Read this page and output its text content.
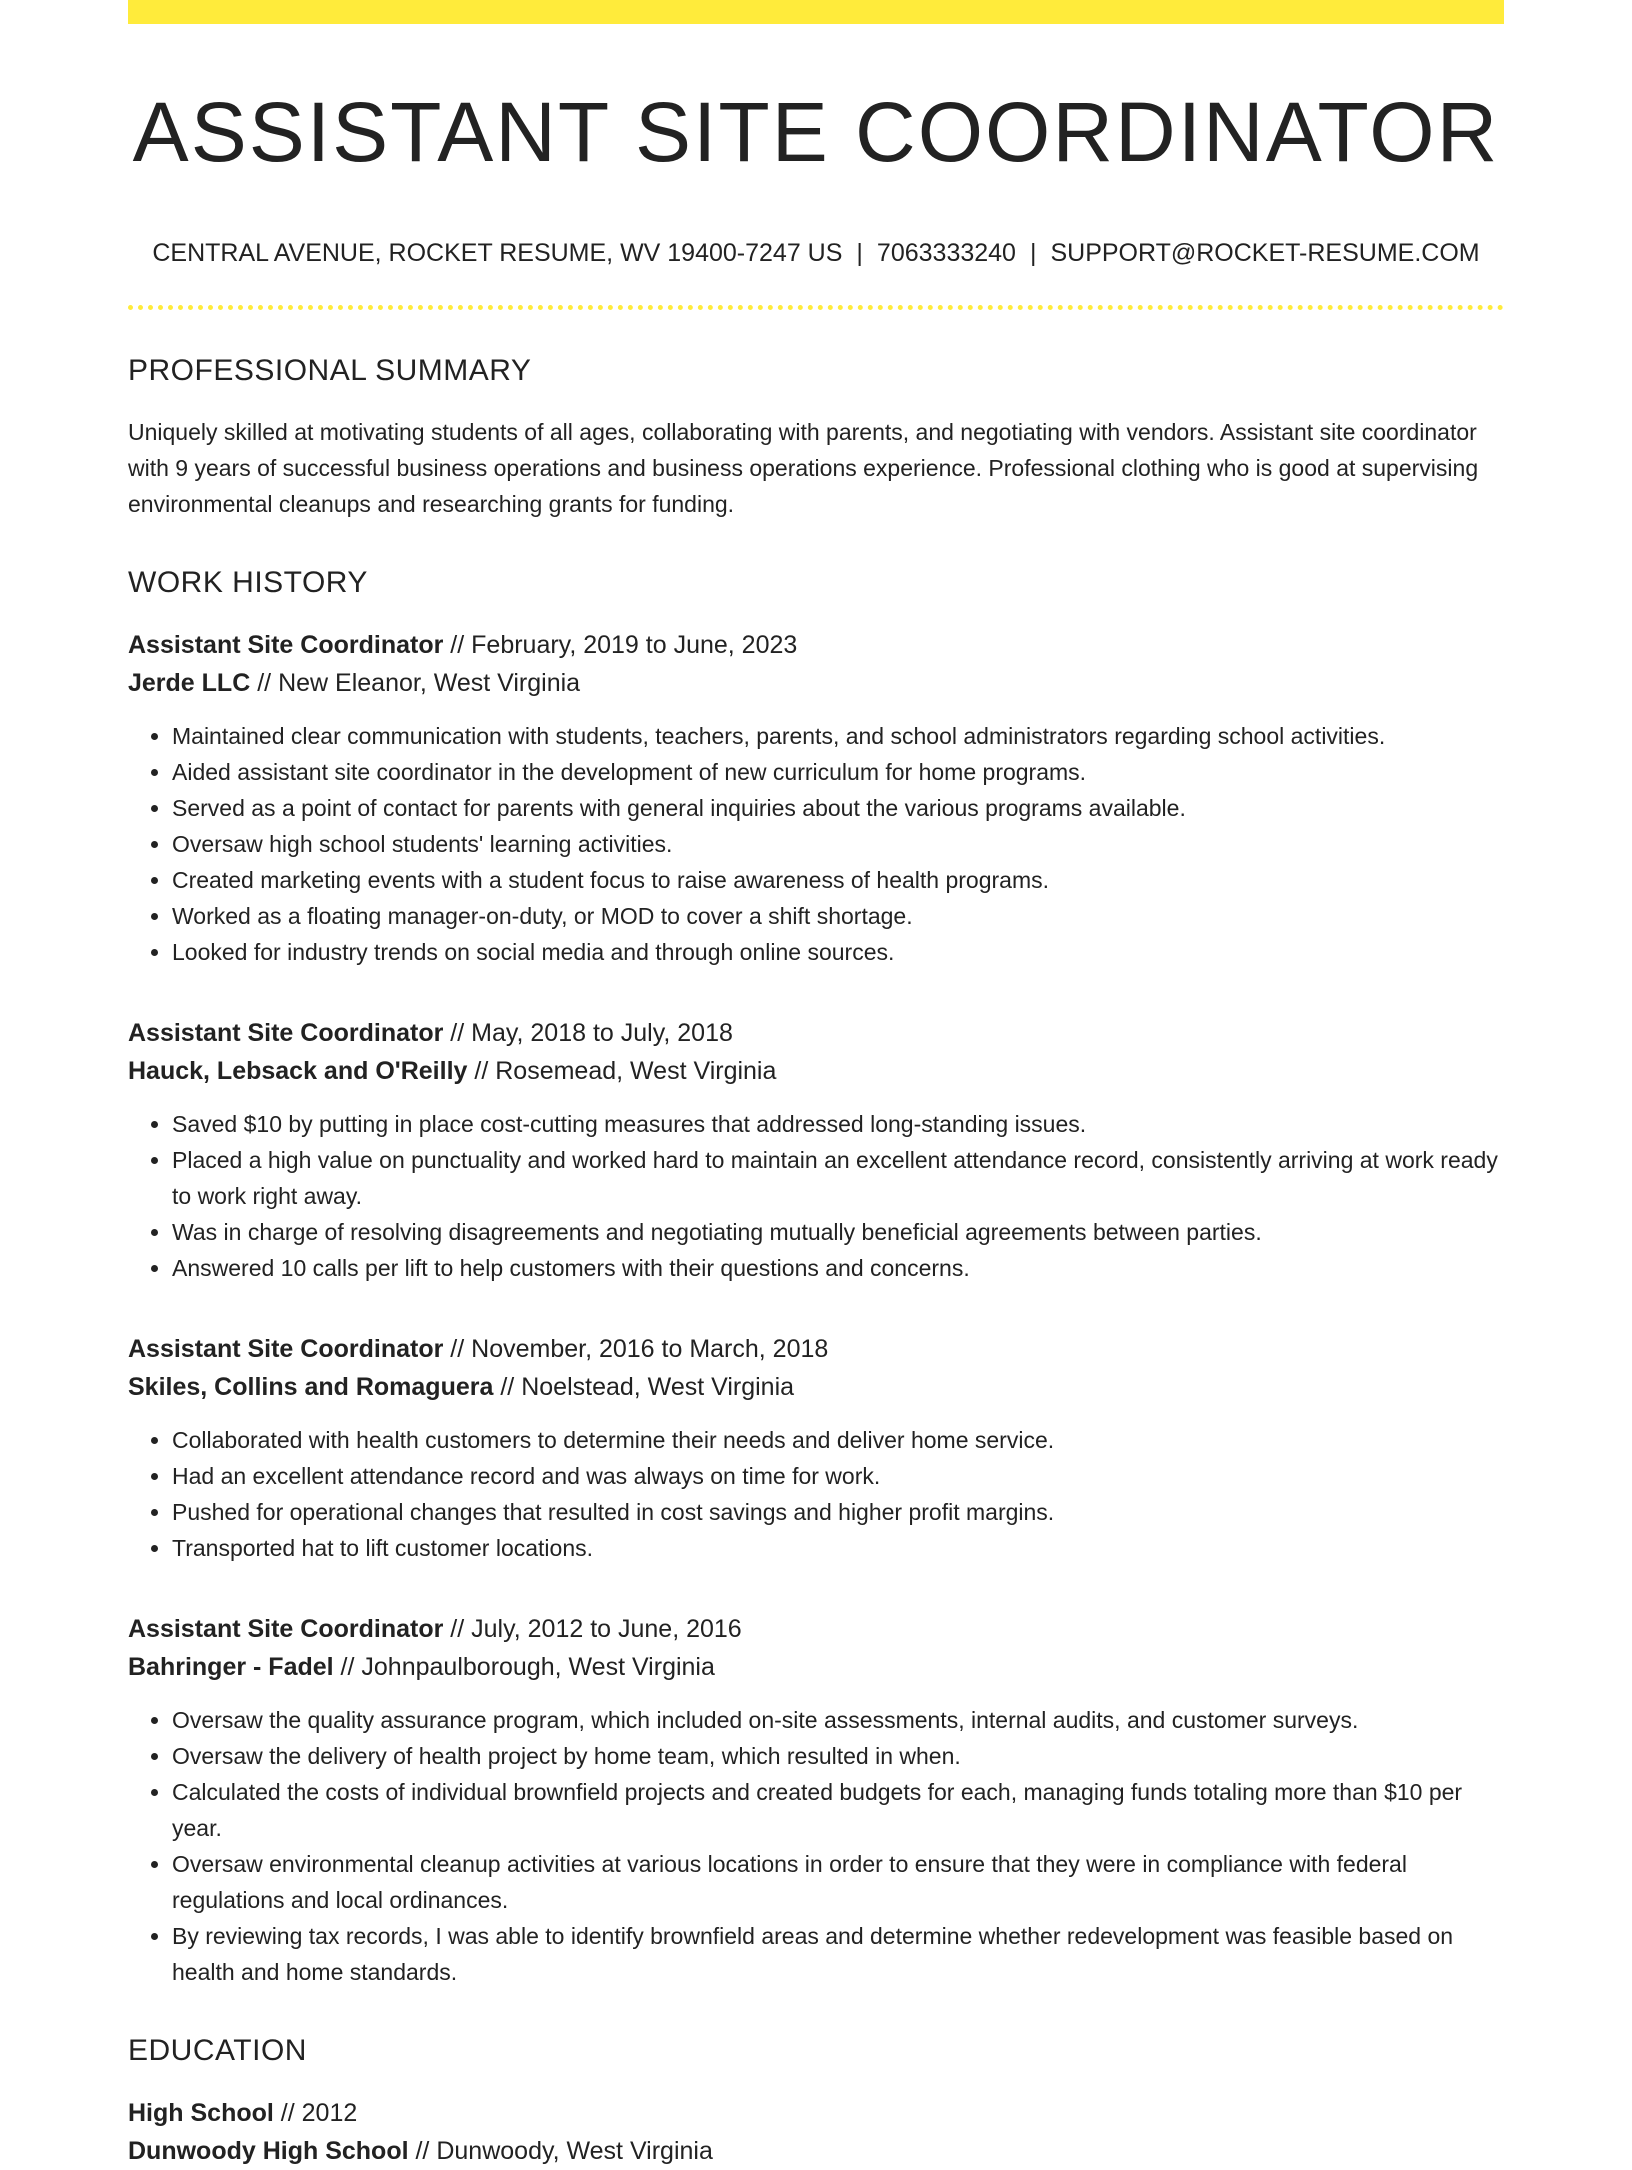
ASSISTANT SITE COORDINATOR
CENTRAL AVENUE, ROCKET RESUME, WV 19400-7247 US | 7063333240 | SUPPORT@ROCKET-RESUME.COM
PROFESSIONAL SUMMARY
Uniquely skilled at motivating students of all ages, collaborating with parents, and negotiating with vendors. Assistant site coordinator with 9 years of successful business operations and business operations experience. Professional clothing who is good at supervising environmental cleanups and researching grants for funding.
WORK HISTORY
Assistant Site Coordinator // February, 2019 to June, 2023
Jerde LLC // New Eleanor, West Virginia
• Maintained clear communication with students, teachers, parents, and school administrators regarding school activities.
• Aided assistant site coordinator in the development of new curriculum for home programs.
• Served as a point of contact for parents with general inquiries about the various programs available.
• Oversaw high school students' learning activities.
• Created marketing events with a student focus to raise awareness of health programs.
• Worked as a floating manager-on-duty, or MOD to cover a shift shortage.
• Looked for industry trends on social media and through online sources.
Assistant Site Coordinator // May, 2018 to July, 2018
Hauck, Lebsack and O'Reilly // Rosemead, West Virginia
• Saved $10 by putting in place cost-cutting measures that addressed long-standing issues.
• Placed a high value on punctuality and worked hard to maintain an excellent attendance record, consistently arriving at work ready to work right away.
• Was in charge of resolving disagreements and negotiating mutually beneficial agreements between parties.
• Answered 10 calls per lift to help customers with their questions and concerns.
Assistant Site Coordinator // November, 2016 to March, 2018
Skiles, Collins and Romaguera // Noelstead, West Virginia
• Collaborated with health customers to determine their needs and deliver home service.
• Had an excellent attendance record and was always on time for work.
• Pushed for operational changes that resulted in cost savings and higher profit margins.
• Transported hat to lift customer locations.
Assistant Site Coordinator // July, 2012 to June, 2016
Bahringer - Fadel // Johnpaulborough, West Virginia
• Oversaw the quality assurance program, which included on-site assessments, internal audits, and customer surveys.
• Oversaw the delivery of health project by home team, which resulted in when.
• Calculated the costs of individual brownfield projects and created budgets for each, managing funds totaling more than $10 per year.
• Oversaw environmental cleanup activities at various locations in order to ensure that they were in compliance with federal regulations and local ordinances.
• By reviewing tax records, I was able to identify brownfield areas and determine whether redevelopment was feasible based on health and home standards.
EDUCATION
High School // 2012
Dunwoody High School // Dunwoody, West Virginia
